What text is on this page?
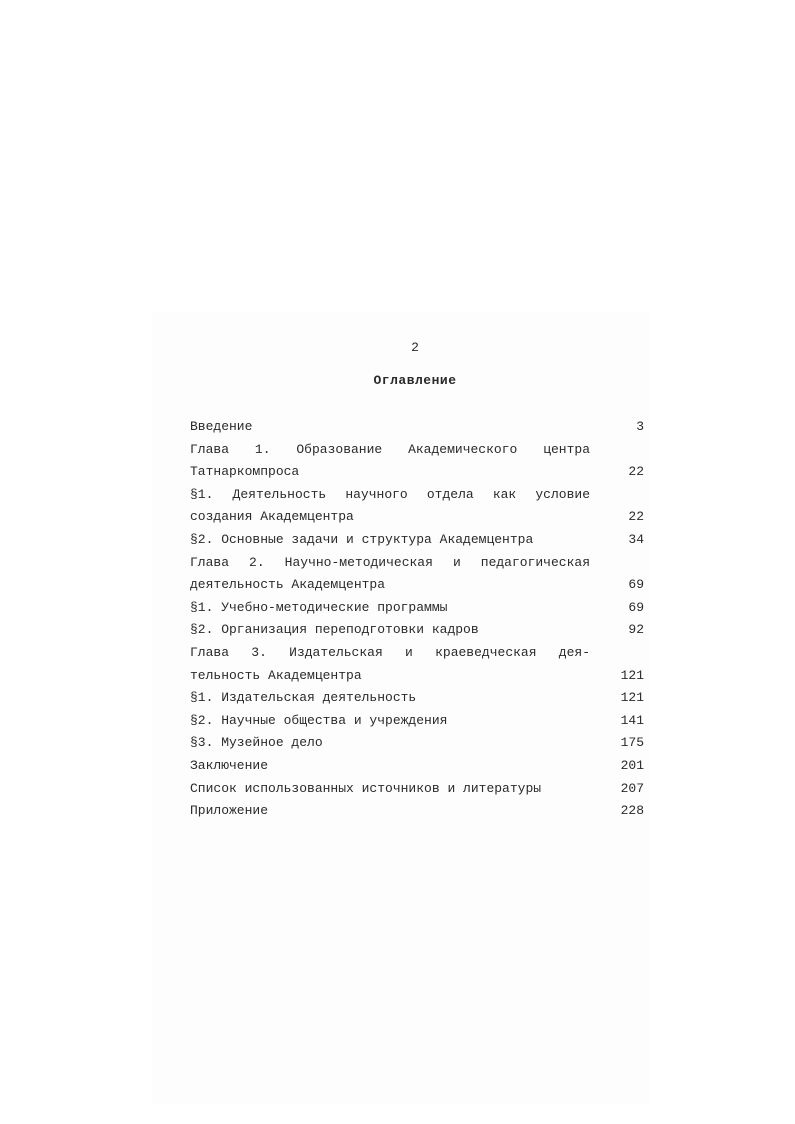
2
Оглавление
Введение	3
Глава 1. Образование Академического центра
Татнаркомпроса	22
§1. Деятельность научного отдела как условие
создания Академцентра	22
§2. Основные задачи и структура Академцентра	34
Глава 2. Научно-методическая и педагогическая
деятельность Академцентра	69
§1. Учебно-методические программы	69
§2. Организация переподготовки кадров	92
Глава 3. Издательская и краеведческая дея-
тельность Академцентра	121
§1. Издательская деятельность	121
§2. Научные общества и учреждения	141
§3. Музейное дело	175
Заключение	201
Список использованных источников и литературы	207
Приложение	228
